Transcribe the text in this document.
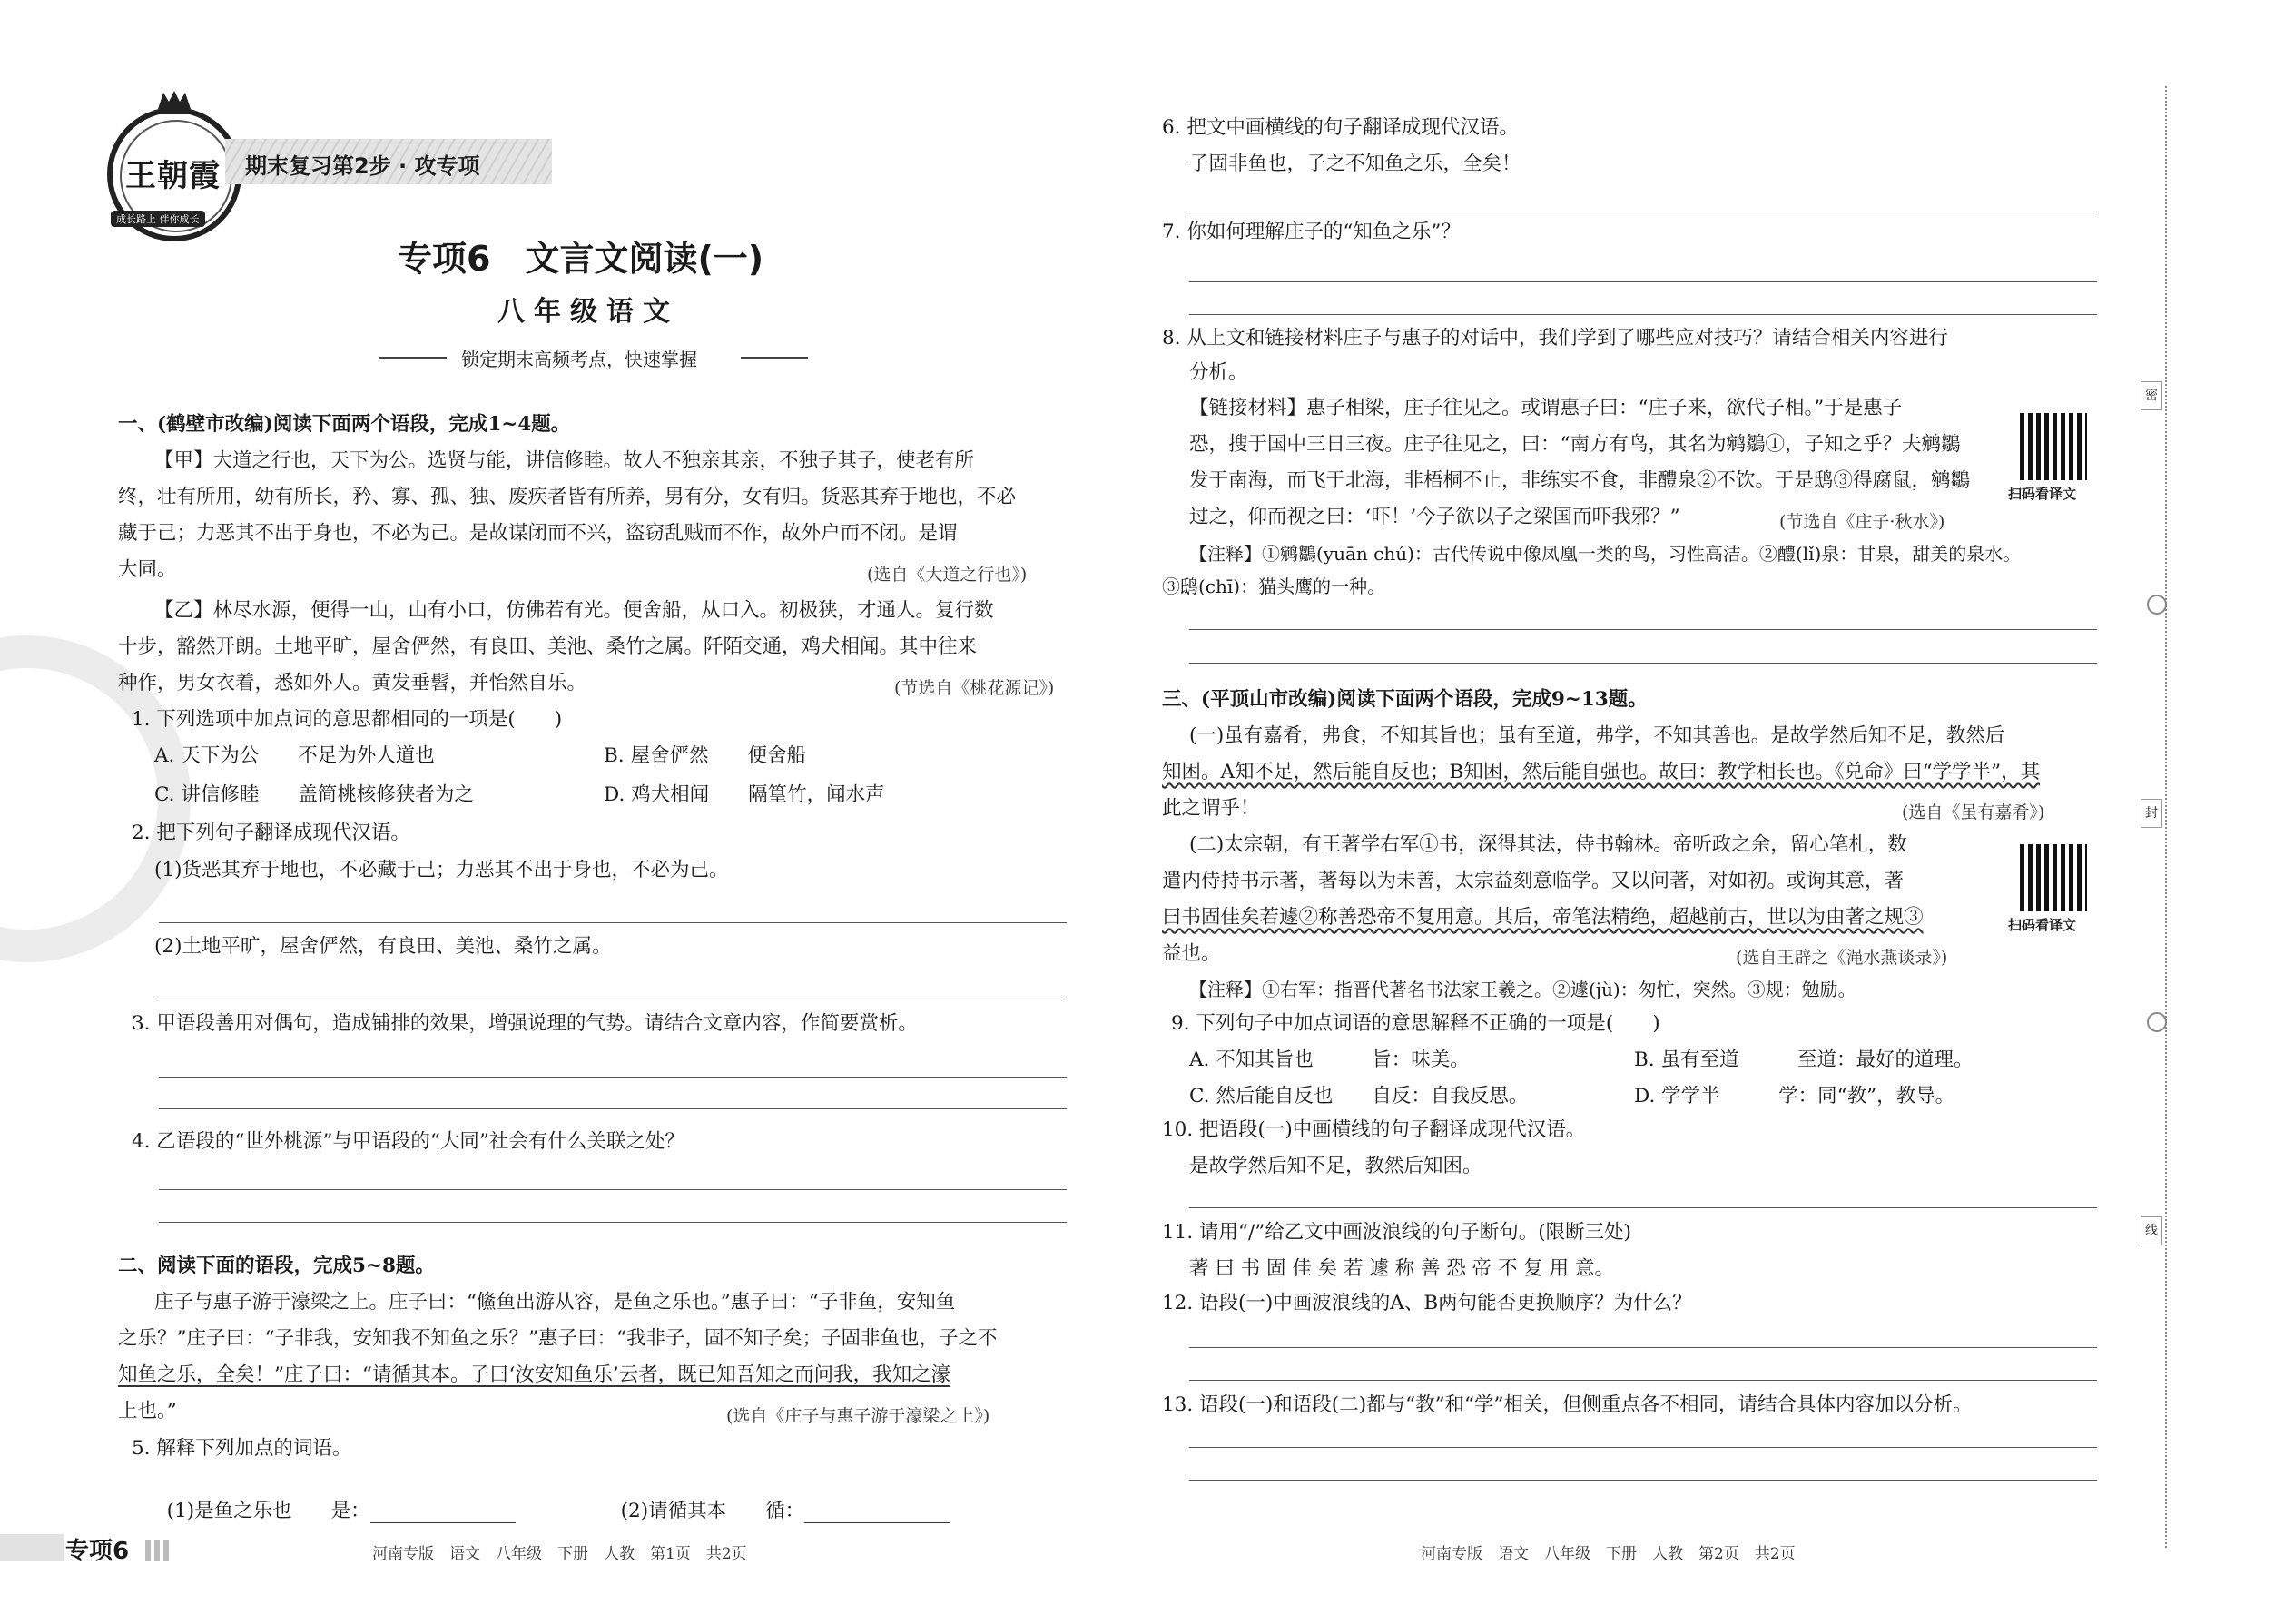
王朝霞
成长路上 伴你成长
期末复习第2步 · 攻专项
专项6　文言文阅读(一)
八年级语文
锁定期末高频考点，快速掌握
一、(鹤壁市改编)阅读下面两个语段，完成1~4题。
【甲】大道之行也，天下为公。选贤与能，讲信修睦。故人不独亲其亲，不独子其子，使老有所
终，壮有所用，幼有所长，矜、寡、孤、独、废疾者皆有所养，男有分，女有归。货恶其弃于地也，不必
藏于己；力恶其不出于身也，不必为己。是故谋闭而不兴，盗窃乱贼而不作，故外户而不闭。是谓
大同。	(选自《大道之行也》)
【乙】林尽水源，便得一山，山有小口，仿佛若有光。便舍船，从口入。初极狭，才通人。复行数
十步，豁然开朗。土地平旷，屋舍俨然，有良田、美池、桑竹之属。阡陌交通，鸡犬相闻。其中往来
种作，男女衣着，悉如外人。黄发垂髫，并怡然自乐。	(节选自《桃花源记》)
1. 下列选项中加点词的意思都相同的一项是(　　)
A. 天下为公　　不足为外人道也	B. 屋舍俨然　　便舍船
C. 讲信修睦　　盖简桃核修狭者为之	D. 鸡犬相闻　　隔篁竹，闻水声
2. 把下列句子翻译成现代汉语。
(1)货恶其弃于地也，不必藏于己；力恶其不出于身也，不必为己。
(2)土地平旷，屋舍俨然，有良田、美池、桑竹之属。
3. 甲语段善用对偶句，造成铺排的效果，增强说理的气势。请结合文章内容，作简要赏析。
4. 乙语段的“世外桃源”与甲语段的“大同”社会有什么关联之处？
二、阅读下面的语段，完成5~8题。
庄子与惠子游于濠梁之上。庄子曰：“鯈鱼出游从容，是鱼之乐也。”惠子曰：“子非鱼，安知鱼
之乐？”庄子曰：“子非我，安知我不知鱼之乐？”惠子曰：“我非子，固不知子矣；子固非鱼也，子之不
知鱼之乐，全矣！”庄子曰：“请循其本。子曰‘汝安知鱼乐’云者，既已知吾知之而问我，我知之濠
上也。”	(选自《庄子与惠子游于濠梁之上》)
5. 解释下列加点的词语。

(1)是鱼之乐也　　是：	(2)请循其本　　循：

专项6	河南专版　语文　八年级　下册　人教　第1页　共2页
6. 把文中画横线的句子翻译成现代汉语。
子固非鱼也，子之不知鱼之乐，全矣！
7. 你如何理解庄子的“知鱼之乐”？
8. 从上文和链接材料庄子与惠子的对话中，我们学到了哪些应对技巧？请结合相关内容进行
分析。
【链接材料】惠子相梁，庄子往见之。或谓惠子曰：“庄子来，欲代子相。”于是惠子
恐，搜于国中三日三夜。庄子往见之，曰：“南方有鸟，其名为鹓鶵①，子知之乎？夫鹓鶵
发于南海，而飞于北海，非梧桐不止，非练实不食，非醴泉②不饮。于是鸱③得腐鼠，鹓鶵
过之，仰而视之曰：‘吓！’今子欲以子之梁国而吓我邪？”	(节选自《庄子·秋水》)
扫码看译文
【注释】①鹓鶵(yuān chú)：古代传说中像凤凰一类的鸟，习性高洁。②醴(lǐ)泉：甘泉，甜美的泉水。
③鸱(chī)：猫头鹰的一种。
三、(平顶山市改编)阅读下面两个语段，完成9~13题。
(一)虽有嘉肴，弗食，不知其旨也；虽有至道，弗学，不知其善也。是故学然后知不足，教然后
知困。A知不足，然后能自反也；B知困，然后能自强也。故曰：教学相长也。《兑命》曰“学学半”，其
此之谓乎！	(选自《虽有嘉肴》)
(二)太宗朝，有王著学右军①书，深得其法，侍书翰林。帝听政之余，留心笔札，数
遣内侍持书示著，著每以为未善，太宗益刻意临学。又以问著，对如初。或询其意，著
曰书固佳矣若遽②称善恐帝不复用意。其后，帝笔法精绝，超越前古，世以为由著之规③
益也。	(选自王辟之《渑水燕谈录》)
扫码看译文
【注释】①右军：指晋代著名书法家王羲之。②遽(jù)：匆忙，突然。③规：勉励。
9. 下列句子中加点词语的意思解释不正确的一项是(　　)
A. 不知其旨也　　　旨：味美。	B. 虽有至道　　　至道：最好的道理。
C. 然后能自反也　　自反：自我反思。	D. 学学半　　　学：同“教”，教导。
10. 把语段(一)中画横线的句子翻译成现代汉语。
是故学然后知不足，教然后知困。
11. 请用“/”给乙文中画波浪线的句子断句。(限断三处)
著 曰 书 固 佳 矣 若 遽 称 善 恐 帝 不 复 用 意。
12. 语段(一)中画波浪线的A、B两句能否更换顺序？为什么？
13. 语段(一)和语段(二)都与“教”和“学”相关，但侧重点各不相同，请结合具体内容加以分析。
河南专版　语文　八年级　下册　人教　第2页　共2页
密
封
线
